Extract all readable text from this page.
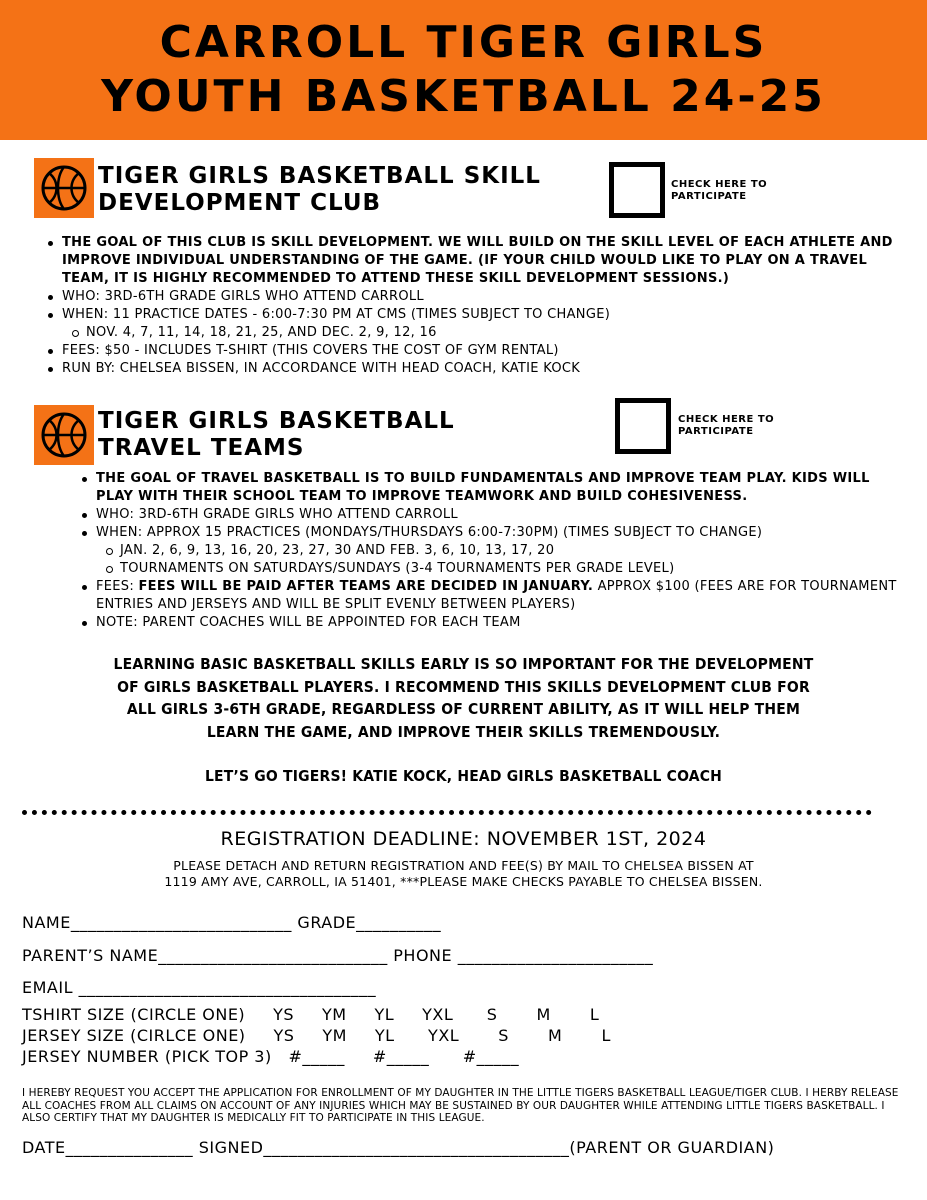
CARROLL TIGER GIRLS
YOUTH BASKETBALL 24-25
TIGER GIRLS BASKETBALL SKILL
DEVELOPMENT CLUB
CHECK HERE TO PARTICIPATE
THE GOAL OF THIS CLUB IS SKILL DEVELOPMENT. WE WILL BUILD ON THE SKILL LEVEL OF EACH ATHLETE AND IMPROVE INDIVIDUAL UNDERSTANDING OF THE GAME. (IF YOUR CHILD WOULD LIKE TO PLAY ON A TRAVEL TEAM, IT IS HIGHLY RECOMMENDED TO ATTEND THESE SKILL DEVELOPMENT SESSIONS.)
WHO: 3RD-6TH GRADE GIRLS WHO ATTEND CARROLL
WHEN: 11 PRACTICE DATES - 6:00-7:30 PM AT CMS (TIMES SUBJECT TO CHANGE)
NOV. 4, 7, 11, 14, 18, 21, 25, AND DEC. 2, 9, 12, 16
FEES: $50 - INCLUDES T-SHIRT (THIS COVERS THE COST OF GYM RENTAL)
RUN BY: CHELSEA BISSEN, IN ACCORDANCE WITH HEAD COACH, KATIE KOCK
TIGER GIRLS BASKETBALL
TRAVEL TEAMS
CHECK HERE TO PARTICIPATE
THE GOAL OF TRAVEL BASKETBALL IS TO BUILD FUNDAMENTALS AND IMPROVE TEAM PLAY. KIDS WILL PLAY WITH THEIR SCHOOL TEAM TO IMPROVE TEAMWORK AND BUILD COHESIVENESS.
WHO: 3RD-6TH GRADE GIRLS WHO ATTEND CARROLL
WHEN: APPROX 15 PRACTICES (MONDAYS/THURSDAYS 6:00-7:30PM) (TIMES SUBJECT TO CHANGE)
JAN. 2, 6, 9, 13, 16, 20, 23, 27, 30 AND FEB. 3, 6, 10, 13, 17, 20
TOURNAMENTS ON SATURDAYS/SUNDAYS (3-4 TOURNAMENTS PER GRADE LEVEL)
FEES: FEES WILL BE PAID AFTER TEAMS ARE DECIDED IN JANUARY. APPROX $100 (FEES ARE FOR TOURNAMENT ENTRIES AND JERSEYS AND WILL BE SPLIT EVENLY BETWEEN PLAYERS)
NOTE: PARENT COACHES WILL BE APPOINTED FOR EACH TEAM
LEARNING BASIC BASKETBALL SKILLS EARLY IS SO IMPORTANT FOR THE DEVELOPMENT
OF GIRLS BASKETBALL PLAYERS. I RECOMMEND THIS SKILLS DEVELOPMENT CLUB FOR
ALL GIRLS 3-6TH GRADE, REGARDLESS OF CURRENT ABILITY, AS IT WILL HELP THEM
LEARN THE GAME, AND IMPROVE THEIR SKILLS TREMENDOUSLY.
LET’S GO TIGERS! KATIE KOCK, HEAD GIRLS BASKETBALL COACH
REGISTRATION DEADLINE: NOVEMBER 1ST, 2024
PLEASE DETACH AND RETURN REGISTRATION AND FEE(S) BY MAIL TO CHELSEA BISSEN AT
1119 AMY AVE, CARROLL, IA 51401, ***PLEASE MAKE CHECKS PAYABLE TO CHELSEA BISSEN.
NAME__________________________ GRADE__________
PARENT’S NAME___________________________ PHONE _______________________
EMAIL ___________________________________
TSHIRT SIZE (CIRCLE ONE)     YS     YM     YL     YXL      S       M       L
JERSEY SIZE (CIRLCE ONE)     YS     YM     YL      YXL       S       M       L
JERSEY NUMBER (PICK TOP 3)   #_____     #_____      #_____
I HEREBY REQUEST YOU ACCEPT THE APPLICATION FOR ENROLLMENT OF MY DAUGHTER IN THE LITTLE TIGERS BASKETBALL LEAGUE/TIGER CLUB. I HERBY RELEASE ALL COACHES FROM ALL CLAIMS ON ACCOUNT OF ANY INJURIES WHICH MAY BE SUSTAINED BY OUR DAUGHTER WHILE ATTENDING LITTLE TIGERS BASKETBALL. I ALSO CERTIFY THAT MY DAUGHTER IS MEDICALLY FIT TO PARTICIPATE IN THIS LEAGUE.
DATE_______________ SIGNED____________________________________(PARENT OR GUARDIAN)
